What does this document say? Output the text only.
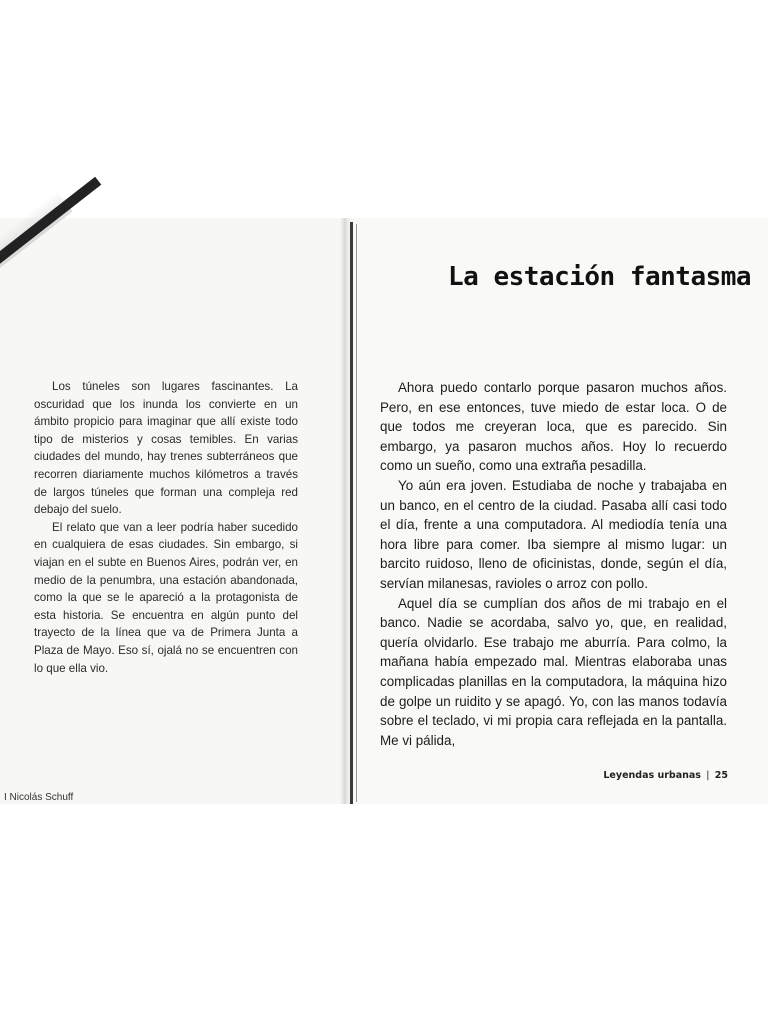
Los túneles son lugares fascinantes. La oscuridad que los inunda los convierte en un ámbito propicio para imaginar que allí existe todo tipo de misterios y cosas temibles. En varias ciudades del mundo, hay trenes subterráneos que recorren diariamente muchos kilómetros a través de largos túneles que forman una compleja red debajo del suelo.

El relato que van a leer podría haber sucedido en cualquiera de esas ciudades. Sin embargo, si viajan en el subte en Buenos Aires, podrán ver, en medio de la penumbra, una estación abandonada, como la que se le apareció a la protagonista de esta historia. Se encuentra en algún punto del trayecto de la línea que va de Primera Junta a Plaza de Mayo. Eso sí, ojalá no se encuentren con lo que ella vio.

I Nicolás Schuff
La estación fantasma

Ahora puedo contarlo porque pasaron muchos años. Pero, en ese entonces, tuve miedo de estar loca. O de que todos me creyeran loca, que es parecido. Sin embargo, ya pasaron muchos años. Hoy lo recuerdo como un sueño, como una extraña pesadilla.

Yo aún era joven. Estudiaba de noche y trabajaba en un banco, en el centro de la ciudad. Pasaba allí casi todo el día, frente a una computadora. Al mediodía tenía una hora libre para comer. Iba siempre al mismo lugar: un barcito ruidoso, lleno de oficinistas, donde, según el día, servían milanesas, ravioles o arroz con pollo.

Aquel día se cumplían dos años de mi trabajo en el banco. Nadie se acordaba, salvo yo, que, en realidad, quería olvidarlo. Ese trabajo me aburría. Para colmo, la mañana había empezado mal. Mientras elaboraba unas complicadas planillas en la computadora, la máquina hizo de golpe un ruidito y se apagó. Yo, con las manos todavía sobre el teclado, vi mi propia cara reflejada en la pantalla. Me vi pálida,

Leyendas urbanas | 25
